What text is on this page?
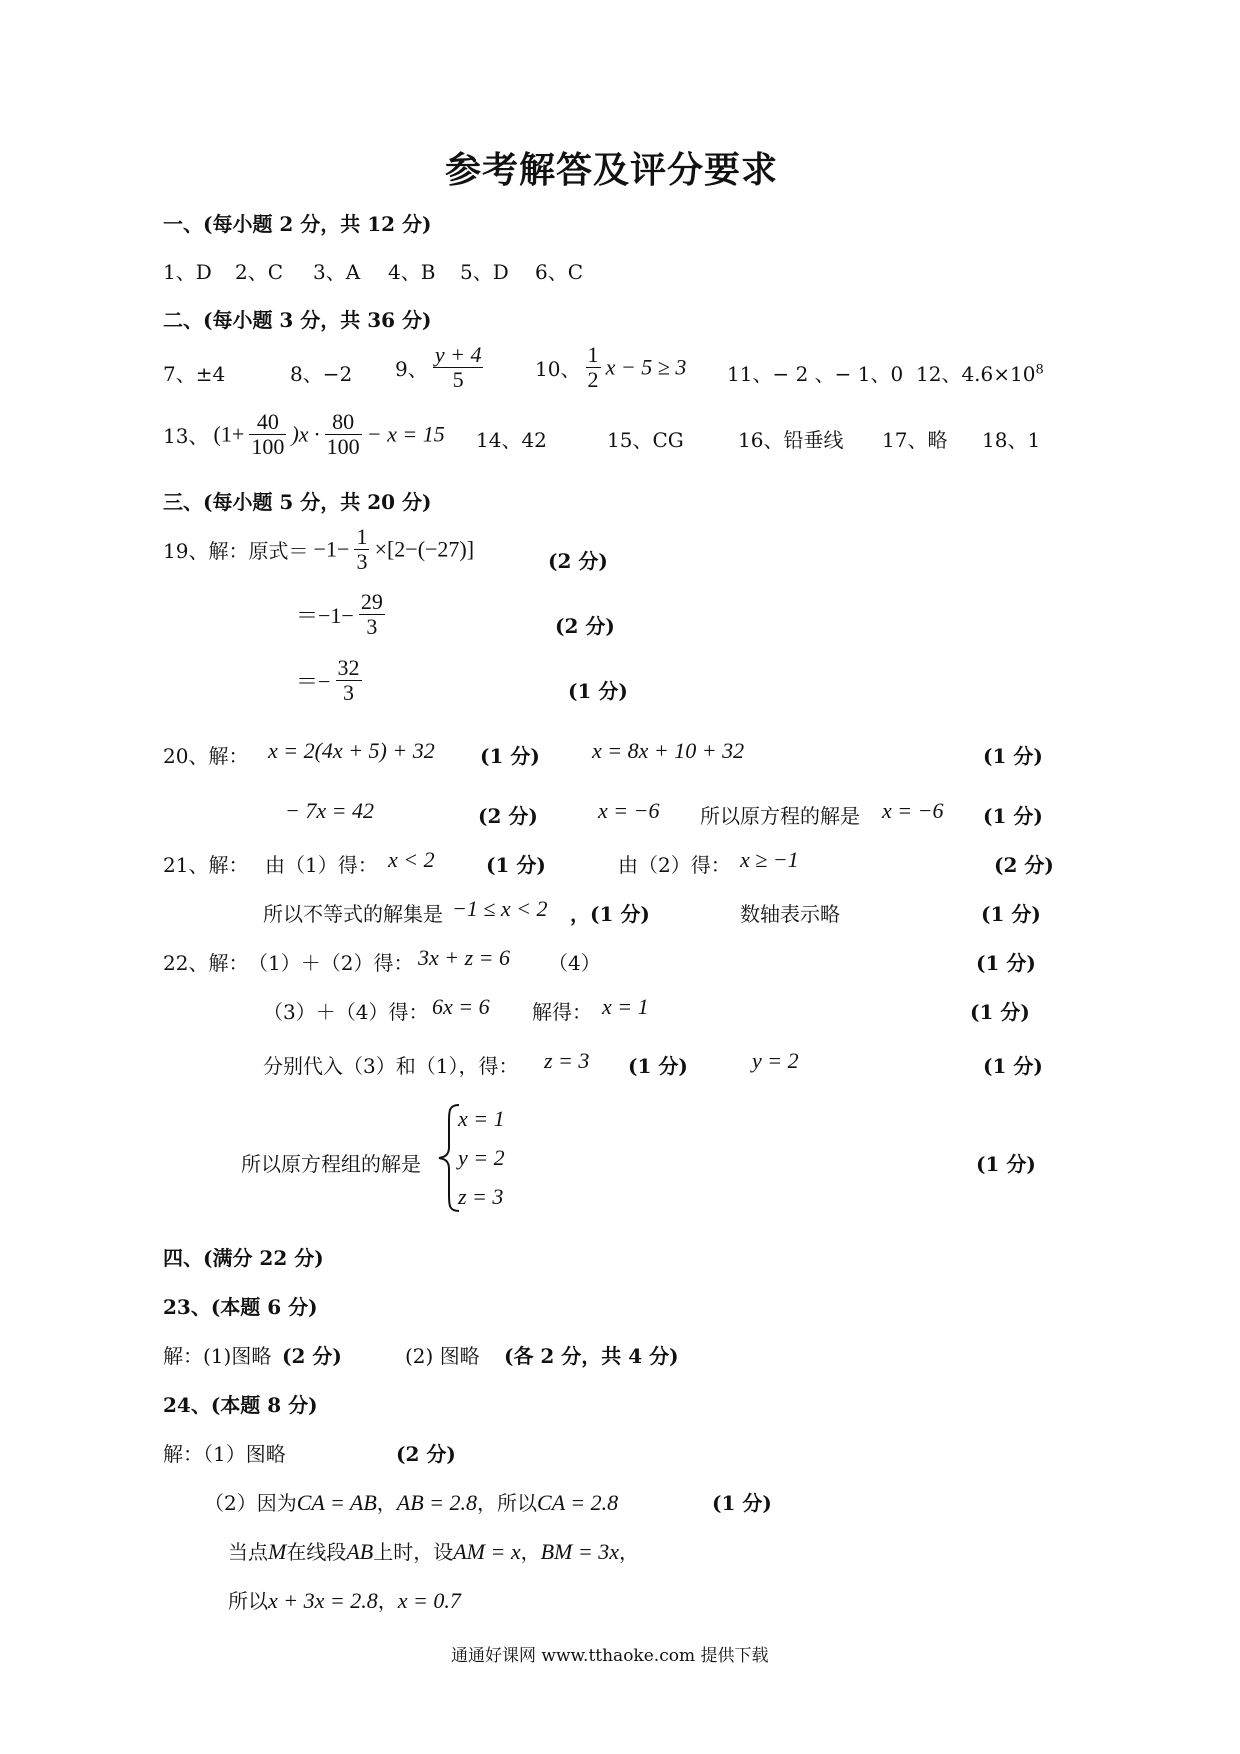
参考解答及评分要求
一、(每小题 2 分，共 12 分)
1、D 2、C 3、A 4、B 5、D 6、C
二、(每小题 3 分，共 36 分)
7、±4	8、−2 9、 $\frac{y + 4}{5}$	10、 $\frac{1}{2}$ x − 5 ≥ 3 11、− 2 、− 1、0 12、$4.6\times 10^8$
13、 $(1+ \frac{40}{100} )x \cdot \frac{80}{100} - x = 15$ 14、42	15、CG	16、铅垂线 17、略 18、1
三、(每小题 5 分，共 20 分)
19、解：原式＝ $-1- \frac{1}{3} \times[2-(-27)]$	(2 分)
$=-1- \frac{29}{3}$	(2 分)
＝− $\frac{32}{3}$	(1 分)
20、解： x = 2(4x + 5) + 32 (1 分) x = 8x + 10 + 32	(1 分)
− 7x = 42	(2 分)	x = −6 所以原方程的解是 x = −6 (1 分)
21、解： 由（1）得： x < 2	(1 分)	由（2）得： x ≥ −1	(2 分)
所以不等式的解集是 −1 ≤ x < 2 ，(1 分)	数轴表示略	(1 分)
22、解： （1）＋（2）得： 3x + z = 6 （4）	(1 分)
（3）＋（4）得： 6x = 6 解得： x = 1	(1 分)
分别代入（3）和（1），得： z = 3 (1 分)	y = 2	(1 分)
所以原方程组的解是
x = 1
y = 2
z = 3
(1 分)
四、(满分 22 分)
23、(本题 6 分)
解：(1)图略 (2 分)	(2) 图略 (各 2 分，共 4 分)
24、(本题 8 分)
解：（1）图略	(2 分)
（2）因为CA = AB，AB = 2.8，所以CA = 2.8	(1 分)
当点M在线段AB上时，设AM = x，BM = 3x，
所以x + 3x = 2.8，x = 0.7
通通好课网 www.tthaoke.com 提供下载
